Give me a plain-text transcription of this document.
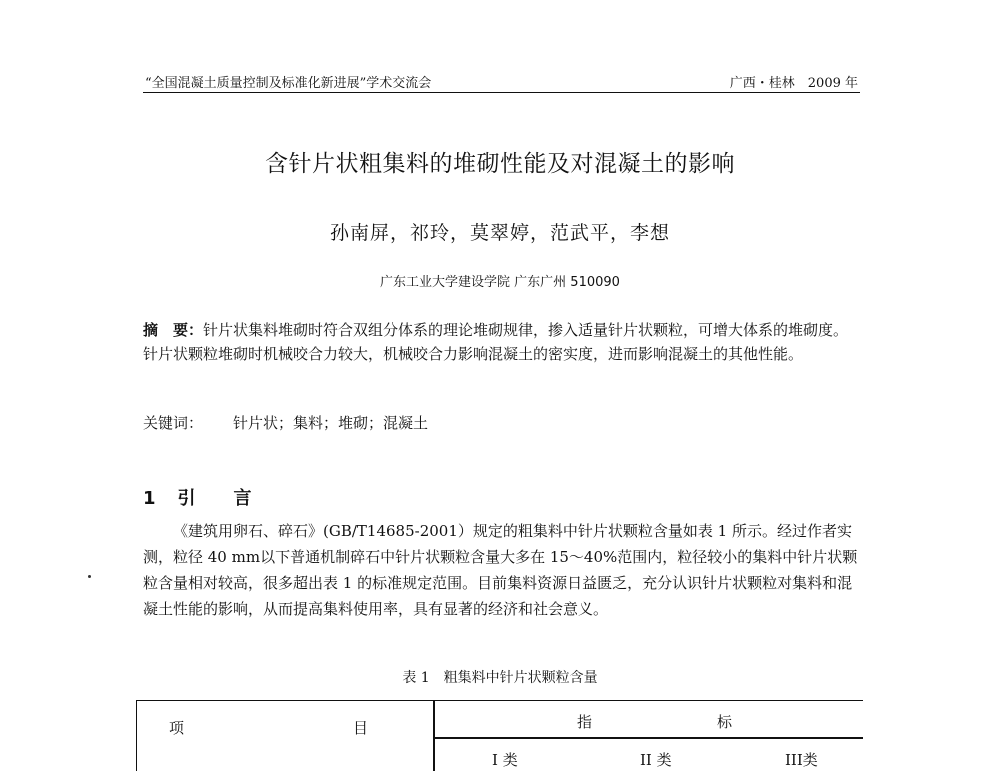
“全国混凝土质量控制及标准化新进展”学术交流会	广西・桂林　2009 年
含针片状粗集料的堆砌性能及对混凝土的影响
孙南屏，祁玲，莫翠婷，范武平，李想
广东工业大学建设学院 广东广州 510090
摘　要：针片状集料堆砌时符合双组分体系的理论堆砌规律，掺入适量针片状颗粒，可增大体系的堆砌度。针片状颗粒堆砌时机械咬合力较大，机械咬合力影响混凝土的密实度，进而影响混凝土的其他性能。
关键词： 针片状；集料；堆砌；混凝土
1 引言
《建筑用卵石、碎石》(GB/T14685-2001）规定的粗集料中针片状颗粒含量如表 1 所示。经过作者实测，粒径 40 mm以下普通机制碎石中针片状颗粒含量大多在 15～40%范围内，粒径较小的集料中针片状颗粒含量相对较高，很多超出表 1 的标准规定范围。目前集料资源日益匮乏，充分认识针片状颗粒对集料和混凝土性能的影响，从而提高集料使用率，具有显著的经济和社会意义。
表 1 粗集料中针片状颗粒含量
项	目	指	标
I 类	II 类	III类
